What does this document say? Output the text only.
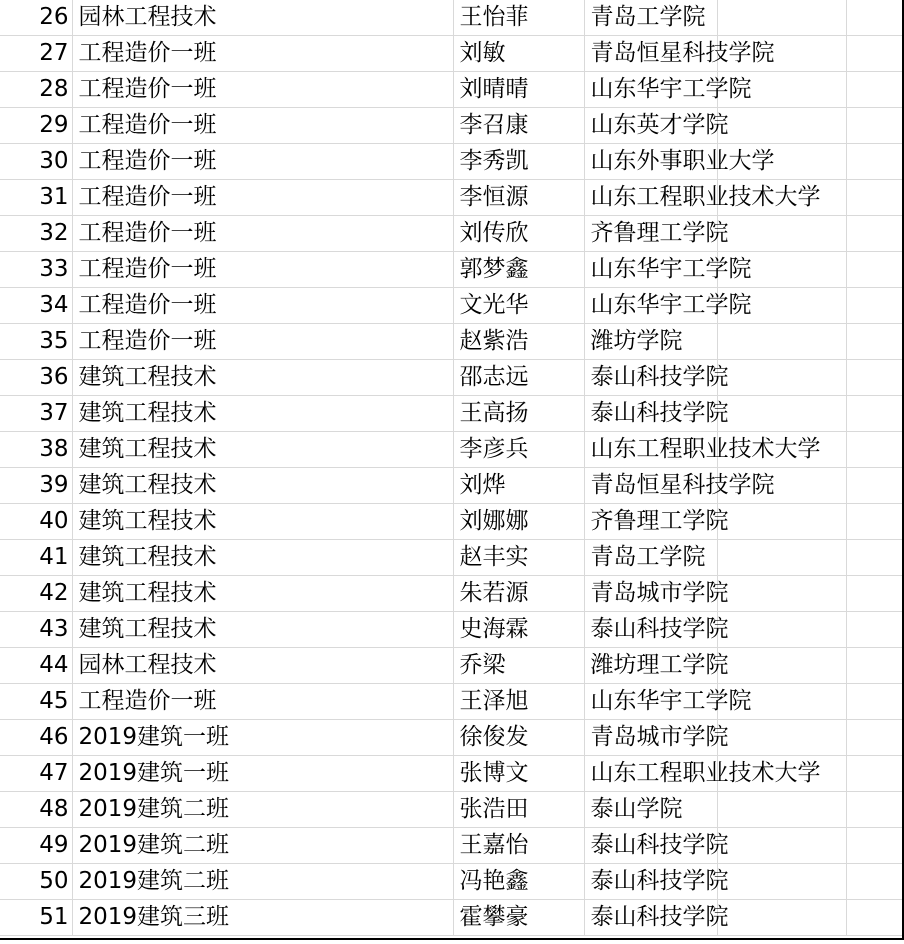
26	园林工程技术	王怡菲	青岛工学院		
27	工程造价一班	刘敏	青岛恒星科技学院		
28	工程造价一班	刘晴晴	山东华宇工学院		
29	工程造价一班	李召康	山东英才学院		
30	工程造价一班	李秀凯	山东外事职业大学		
31	工程造价一班	李恒源	山东工程职业技术大学		
32	工程造价一班	刘传欣	齐鲁理工学院		
33	工程造价一班	郭梦鑫	山东华宇工学院		
34	工程造价一班	文光华	山东华宇工学院		
35	工程造价一班	赵紫浩	潍坊学院		
36	建筑工程技术	邵志远	泰山科技学院		
37	建筑工程技术	王高扬	泰山科技学院		
38	建筑工程技术	李彦兵	山东工程职业技术大学		
39	建筑工程技术	刘烨	青岛恒星科技学院		
40	建筑工程技术	刘娜娜	齐鲁理工学院		
41	建筑工程技术	赵丰实	青岛工学院		
42	建筑工程技术	朱若源	青岛城市学院		
43	建筑工程技术	史海霖	泰山科技学院		
44	园林工程技术	乔梁	潍坊理工学院		
45	工程造价一班	王泽旭	山东华宇工学院		
46	2019建筑一班	徐俊发	青岛城市学院		
47	2019建筑一班	张博文	山东工程职业技术大学		
48	2019建筑二班	张浩田	泰山学院		
49	2019建筑二班	王嘉怡	泰山科技学院		
50	2019建筑二班	冯艳鑫	泰山科技学院		
51	2019建筑三班	霍攀豪	泰山科技学院		
